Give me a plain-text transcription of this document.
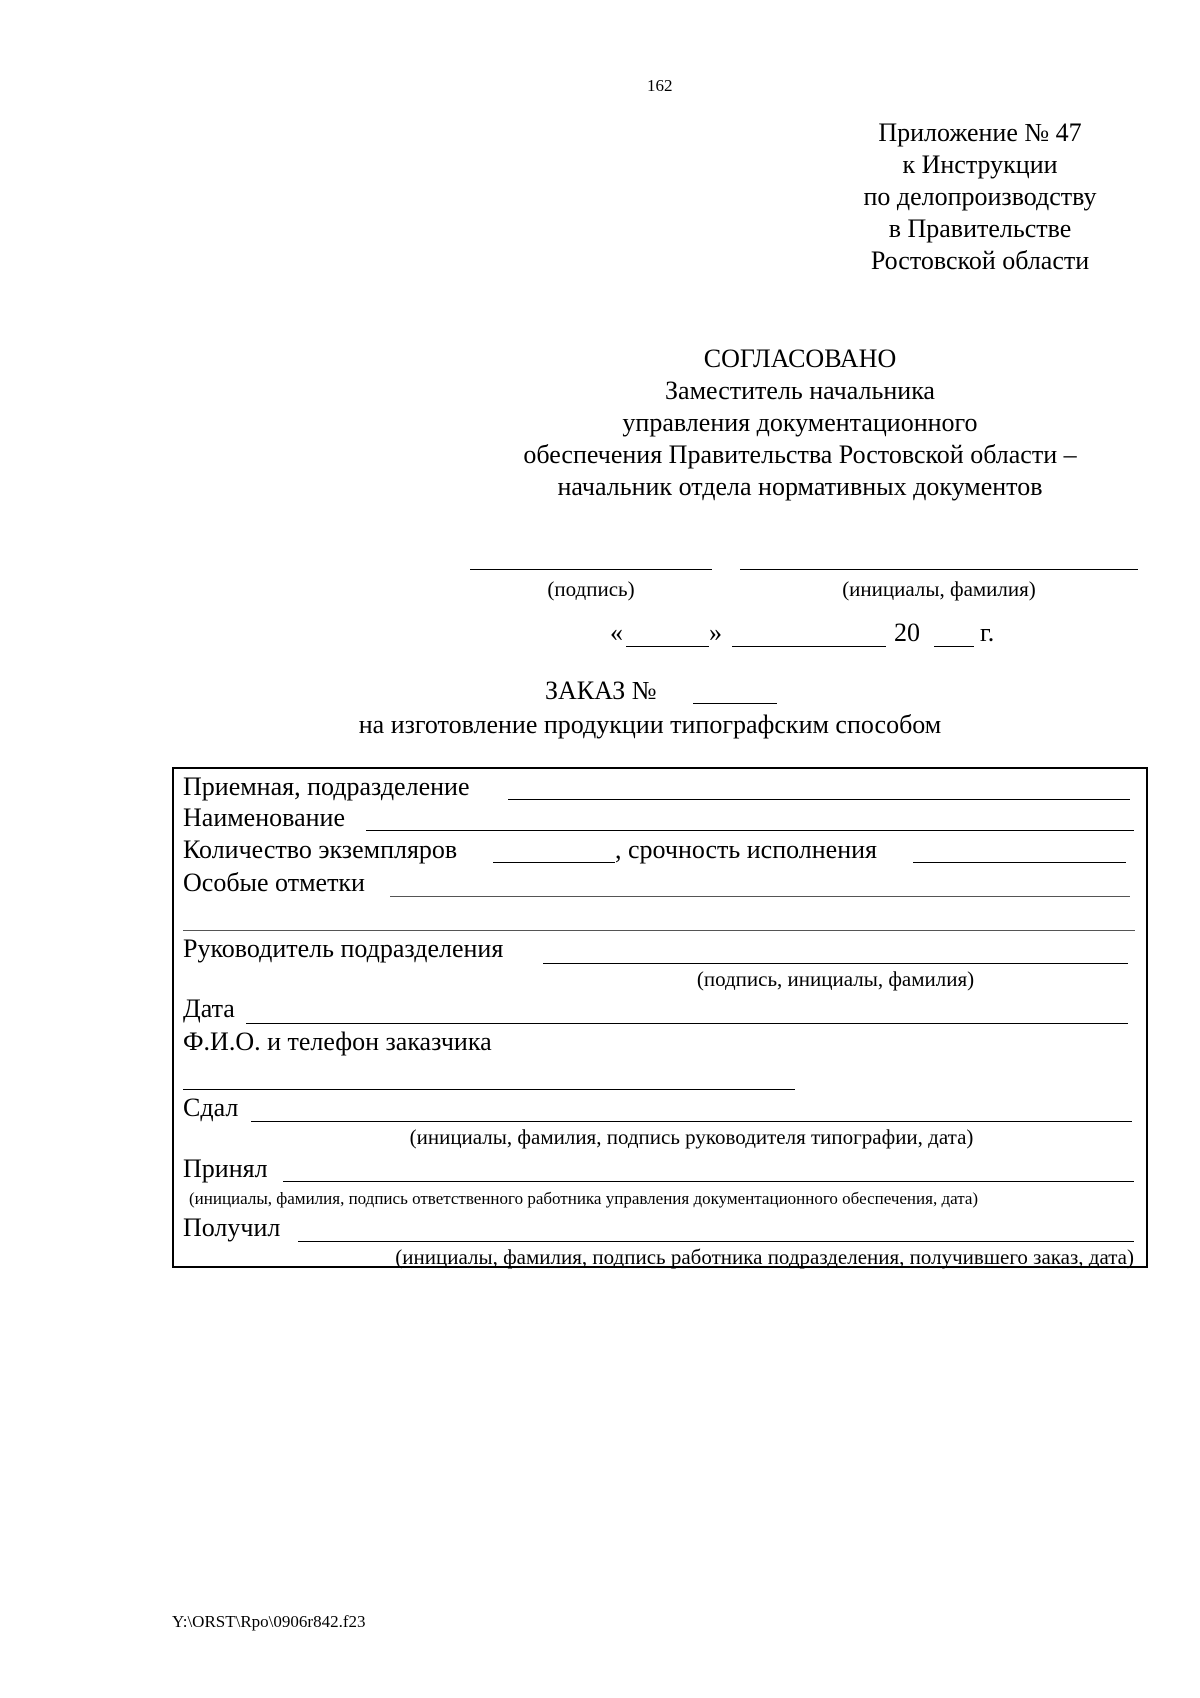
162
Приложение № 47
к Инструкции
по делопроизводству
в Правительстве
Ростовской области
СОГЛАСОВАНО
Заместитель начальника
управления документационного
обеспечения Правительства Ростовской области –
начальник отдела нормативных документов
(подпись)	(инициалы, фамилия)
«	»	20 г.
ЗАКАЗ №
на изготовление продукции типографским способом
Приемная, подразделение
Наименование
Количество экземпляров	, срочность исполнения
Особые отметки
Руководитель подразделения
(подпись, инициалы, фамилия)
Дата
Ф.И.О. и телефон заказчика
Сдал
(инициалы, фамилия, подпись руководителя типографии, дата)
Принял
(инициалы, фамилия, подпись ответственного работника управления документационного обеспечения, дата)
Получил
(инициалы, фамилия, подпись работника подразделения, получившего заказ, дата)
Y:\ORST\Rpo\0906r842.f23
